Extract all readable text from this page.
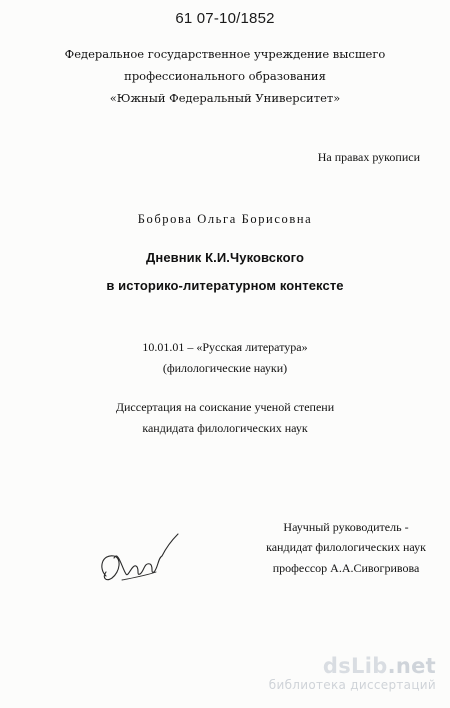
61 07-10/1852
Федеральное государственное учреждение высшего
профессионального образования
«Южный Федеральный Университет»
На правах рукописи
Боброва Ольга Борисовна
Дневник К.И.Чуковского
в историко-литературном контексте
10.01.01 – «Русская литература»
(филологические науки)
Диссертация на соискание ученой степени
кандидата филологических наук
Научный руководитель -
кандидат филологических наук
профессор А.А.Сивогривова
dsLib.net
библиотека диссертаций
